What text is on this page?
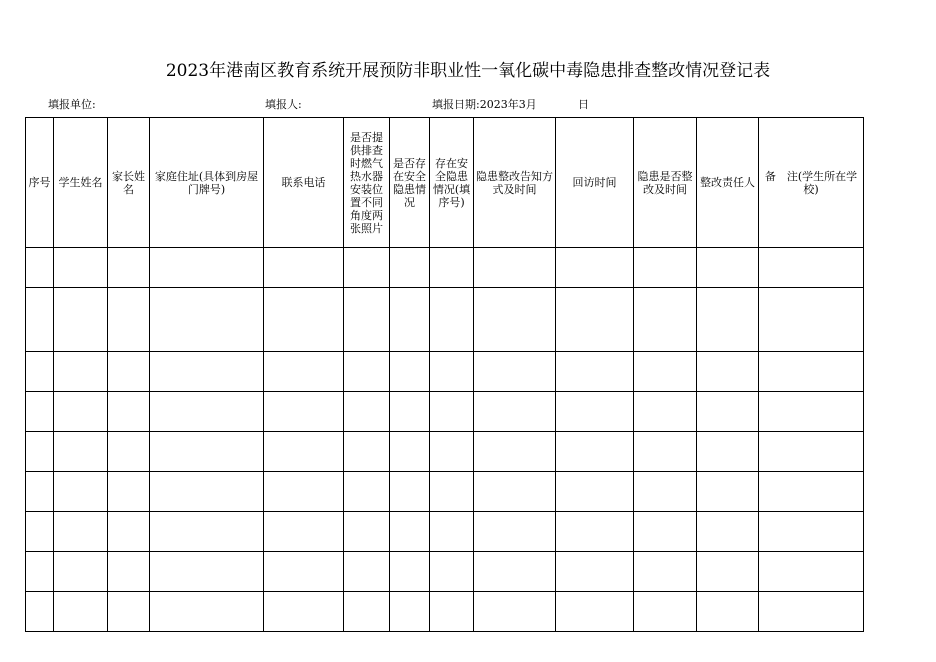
2023年港南区教育系统开展预防非职业性一氧化碳中毒隐患排查整改情况登记表
填报单位:	填报人:	填报日期:2023年3月	日
序号	学生姓名	家长姓名	家庭住址(具体到房屋门牌号)	联系电话	是否提供排查时燃气热水器安装位置不同角度两张照片	是否存在安全隐患情况	存在安全隐患情况(填序号)	隐患整改告知方式及时间	回访时间	隐患是否整改及时间	整改责任人	备　注(学生所在学校)
